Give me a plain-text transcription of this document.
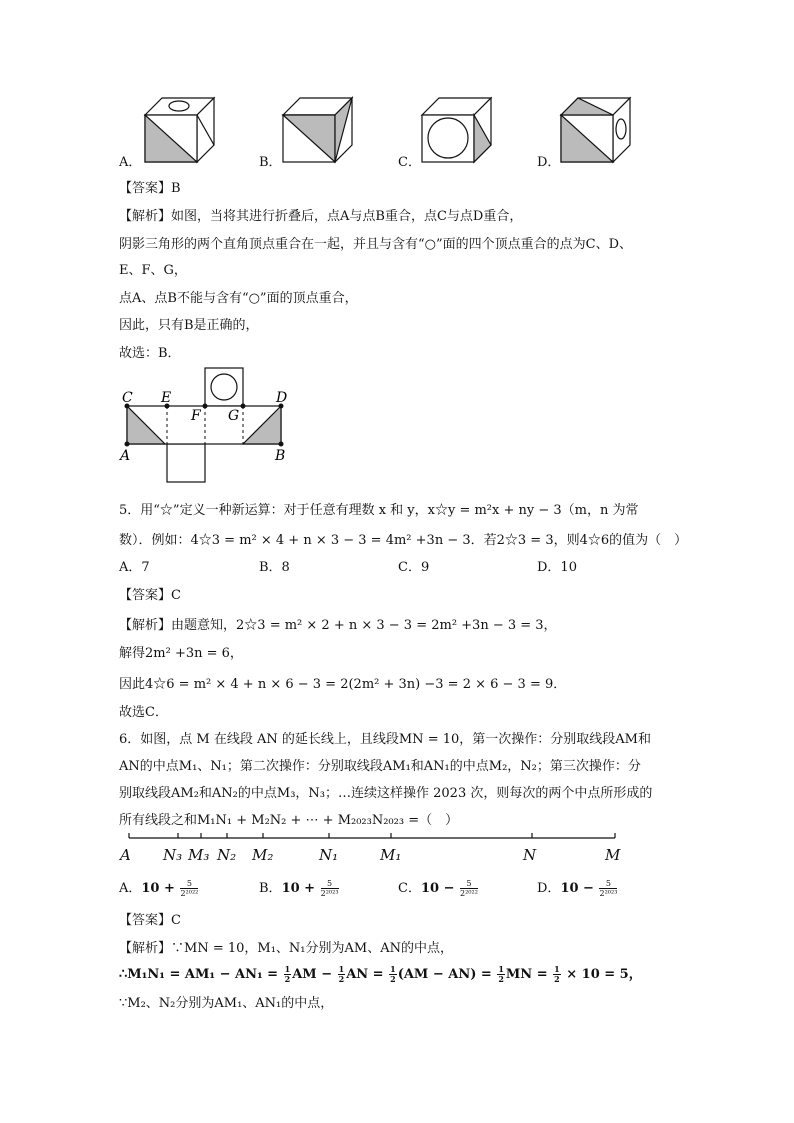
A．	B．	C．	D．
【答案】B
【解析】如图，当将其进行折叠后，点A与点B重合，点C与点D重合，
阴影三角形的两个直角顶点重合在一起，并且与含有“○”面的四个顶点重合的点为C、D、
E、F、G，
点A、点B不能与含有“○”面的顶点重合，
因此，只有B是正确的，
故选：B．
C E
F G
D
A	B
5．用“☆”定义一种新运算：对于任意有理数 x 和 y，x☆y = m²x + ny − 3（m，n 为常
数）．例如：4☆3 = m² × 4 + n × 3 − 3 = 4m² +3n − 3．若2☆3 = 3，则4☆6的值为（　）
A．7	B．8	C．9	D．10
【答案】C
【解析】由题意知，2☆3 = m² × 2 + n × 3 − 3 = 2m² +3n − 3 = 3，
解得2m² +3n = 6，
因此4☆6 = m² × 4 + n × 6 − 3 = 2(2m² + 3n) −3 = 2 × 6 − 3 = 9．
故选C．
6．如图，点 M 在线段 AN 的延长线上，且线段MN = 10，第一次操作：分别取线段AM和
AN的中点M₁、N₁；第二次操作：分别取线段AM₁和AN₁的中点M₂，N₂；第三次操作：分
别取线段AM₂和AN₂的中点M₃，N₃；…连续这样操作 2023 次，则每次的两个中点所形成的
所有线段之和M₁N₁ + M₂N₂ + ⋯ + M₂₀₂₃N₂₀₂₃ =（　）
A N₃ M₃ N₂ M₂	N₁	M₁	N	M
A．$10 + \frac{5}{\text{2²⁰²²}}$	B．$10 + \frac{5}{\text{2²⁰²³}}$	C．$10 - \frac{5}{\text{2²⁰²²}}$	D．$10 - \frac{5}{\text{2²⁰²³}}$
【答案】C
【解析】∵MN = 10，M₁、N₁分别为AM、AN的中点，
∴M₁N₁ = $AM_1 - AN_1 = \frac{1}{2}$ AM − $\frac{1}{2}$ AN = $\frac{1}{2} (AM - AN) = \frac{1}{2}$ MN = $\frac{1}{2} \times 10 = 5$，
∵M₂、N₂分别为AM₁、AN₁的中点，
